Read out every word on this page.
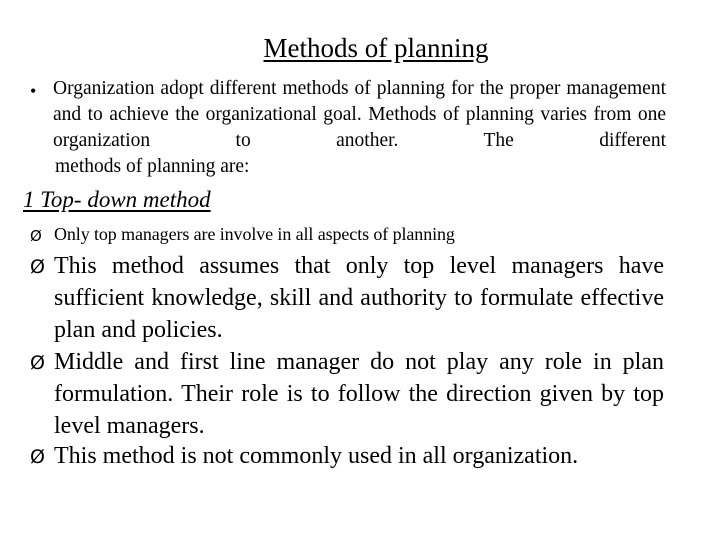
Methods of planning
• Organization adopt different methods of planning for the proper management and to achieve the organizational goal. Methods of planning varies from one organization to another. The different
methods of planning are:
1 Top- down method
Ø Only top managers are involve in all aspects of planning
Ø This method assumes that only top level managers have sufficient knowledge, skill and authority to formulate effective plan and policies.
Ø Middle and first line manager do not play any role in plan formulation. Their role is to follow the direction given by top level managers.
Ø This method is not commonly used in all organization.
